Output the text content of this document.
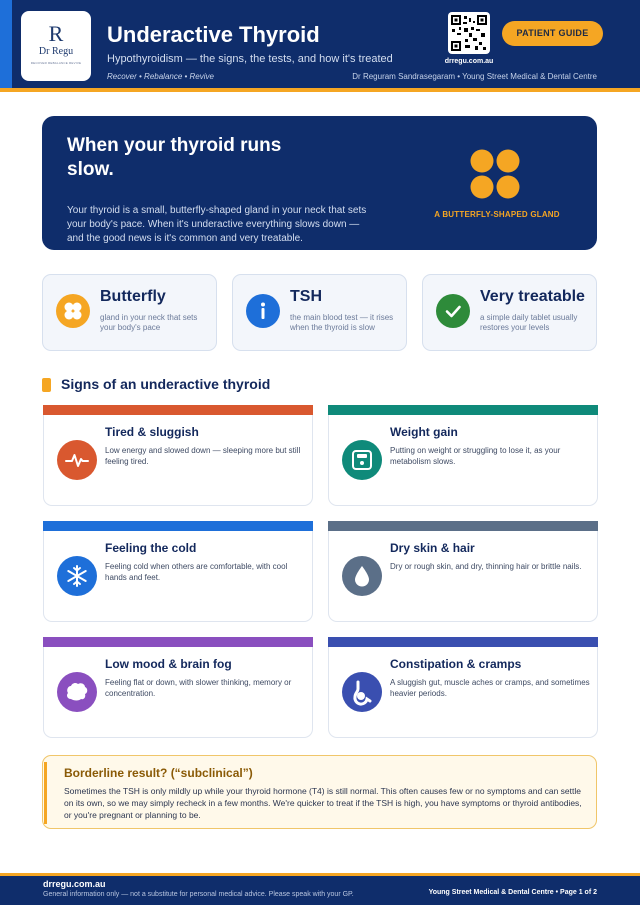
R
Dr Regu
RECOVER REBALANCE REVIVE
Underactive Thyroid
Hypothyroidism — the signs, the tests, and how it's treated
Recover • Rebalance • Revive
drregu.com.au
PATIENT GUIDE
Dr Reguram Sandrasegaram • Young Street Medical & Dental Centre
When your thyroid runs slow.
Your thyroid is a small, butterfly-shaped gland in your neck that sets your body's pace. When it's underactive everything slows down — and the good news is it's common and very treatable.
A BUTTERFLY-SHAPED GLAND
Butterfly
gland in your neck that sets your body's pace
TSH
the main blood test — it rises when the thyroid is slow
Very treatable
a simple daily tablet usually restores your levels
Signs of an underactive thyroid
Tired & sluggish
Low energy and slowed down — sleeping more but still feeling tired.
Weight gain
Putting on weight or struggling to lose it, as your metabolism slows.
Feeling the cold
Feeling cold when others are comfortable, with cool hands and feet.
Dry skin & hair
Dry or rough skin, and dry, thinning hair or brittle nails.
Low mood & brain fog
Feeling flat or down, with slower thinking, memory or concentration.
Constipation & cramps
A sluggish gut, muscle aches or cramps, and sometimes heavier periods.
Borderline result? (“subclinical”)
Sometimes the TSH is only mildly up while your thyroid hormone (T4) is still normal. This often causes few or no symptoms and can settle on its own, so we may simply recheck in a few months. We're quicker to treat if the TSH is high, you have symptoms or thyroid antibodies, or you're pregnant or planning to be.
drregu.com.au
General information only — not a substitute for personal medical advice. Please speak with your GP.	Young Street Medical & Dental Centre • Page 1 of 2
